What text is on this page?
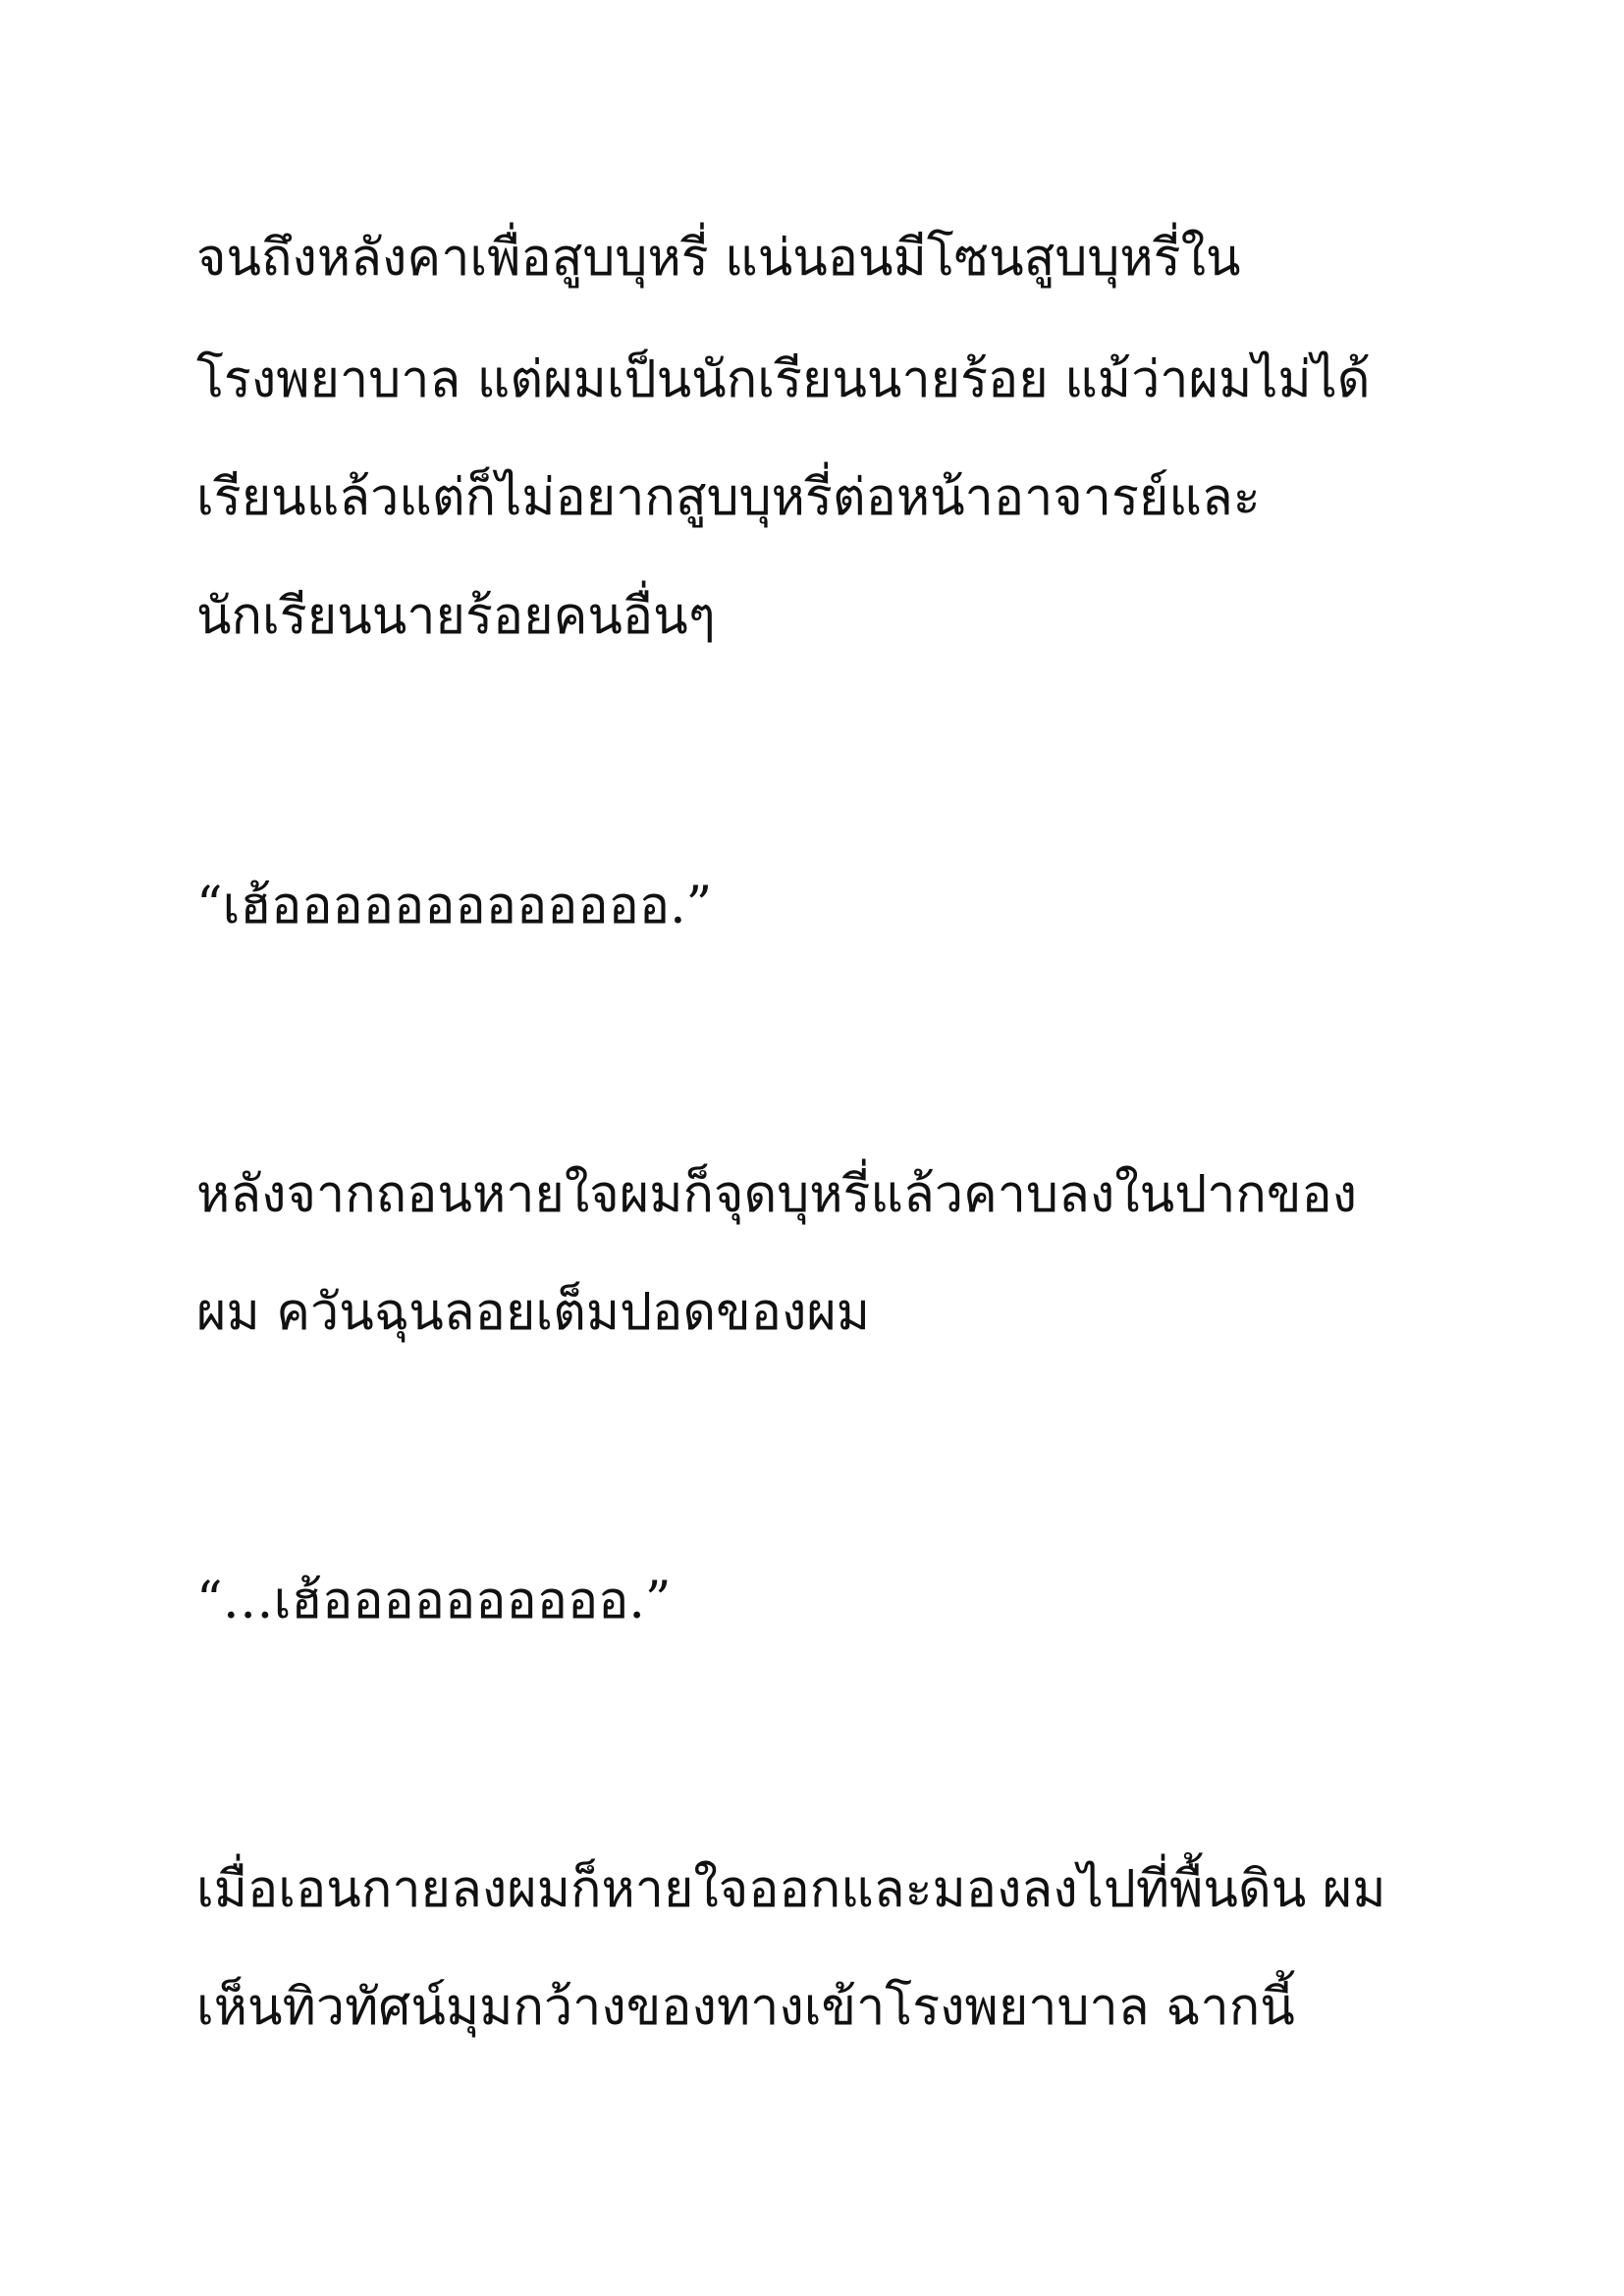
จนถึงหลังคาเพื่อสูบบุหรี่ แน่นอนมีโซนสูบบุหรี่ใน

โรงพยาบาล แต่ผมเป็นนักเรียนนายร้อย แม้ว่าผมไม่ได้

เรียนแล้วแต่ก็ไม่อยากสูบบุหรี่ต่อหน้าอาจารย์และ

นักเรียนนายร้อยคนอื่นๆ

“เฮ้อออออออออออออ.”

หลังจากถอนหายใจผมก็จุดบุหรี่แล้วคาบลงในปากของ

ผม ควันฉุนลอยเต็มปอดของผม

“…เฮ้ออออออออออ.”

เมื่อเอนกายลงผมก็หายใจออกและมองลงไปที่พื้นดิน ผม

เห็นทิวทัศน์มุมกว้างของทางเข้าโรงพยาบาล ฉากนี้
